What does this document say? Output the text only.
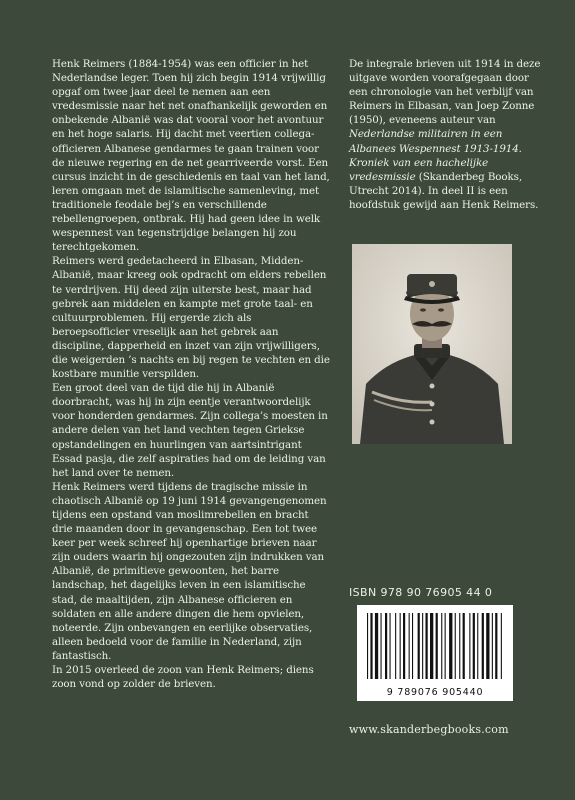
Henk Reimers (1884-1954) was een officier in het Nederlandse leger. Toen hij zich begin 1914 vrijwillig opgaf om twee jaar deel te nemen aan een vredesmissie naar het net onafhankelijk geworden en onbekende Albanië was dat vooral voor het avontuur en het hoge salaris. Hij dacht met veertien collega-officieren Albanese gendarmes te gaan trainen voor de nieuwe regering en de net gearriveerde vorst. Een cursus inzicht in de geschiedenis en taal van het land, leren omgaan met de islamitische samenleving, met traditionele feodale bej’s en verschillende rebellengroepen, ontbrak. Hij had geen idee in welk wespennest van tegenstrijdige belangen hij zou terechtgekomen.

Reimers werd gedetacheerd in Elbasan, Midden-Albanië, maar kreeg ook opdracht om elders rebellen te verdrijven. Hij deed zijn uiterste best, maar had gebrek aan middelen en kampte met grote taal- en cultuurproblemen. Hij ergerde zich als beroepsofficier vreselijk aan het gebrek aan discipline, dapperheid en inzet van zijn vrijwilligers, die weigerden ’s nachts en bij regen te vechten en die kostbare munitie verspilden.

Een groot deel van de tijd die hij in Albanië doorbracht, was hij in zijn eentje verantwoordelijk voor honderden gendarmes. Zijn collega’s moesten in andere delen van het land vechten tegen Griekse opstandelingen en huurlingen van aartsintrigant Essad pasja, die zelf aspiraties had om de leiding van het land over te nemen.

Henk Reimers werd tijdens de tragische missie in chaotisch Albanië op 19 juni 1914 gevangengenomen tijdens een opstand van moslimrebellen en bracht drie maanden door in gevangenschap. Een tot twee keer per week schreef hij openhartige brieven naar zijn ouders waarin hij ongezouten zijn indrukken van Albanië, de primitieve gewoonten, het barre landschap, het dagelijks leven in een islamitische stad, de maaltijden, zijn Albanese officieren en soldaten en alle andere dingen die hem opvielen, noteerde. Zijn onbevangen en eerlijke observaties, alleen bedoeld voor de familie in Nederland, zijn fantastisch.

In 2015 overleed de zoon van Henk Reimers; diens zoon vond op zolder de brieven.

De integrale brieven uit 1914 in deze uitgave worden voorafgegaan door een chronologie van het verblijf van Reimers in Elbasan, van Joep Zonne (1950), eveneens auteur van Nederlandse militairen in een Albanees Wespennest 1913-1914. Kroniek van een hachelijke vredesmissie (Skanderbeg Books, Utrecht 2014). In deel II is een hoofdstuk gewijd aan Henk Reimers.
ISBN 978 90 76905 44 0
9 789076 905440
www.skanderbegbooks.com
